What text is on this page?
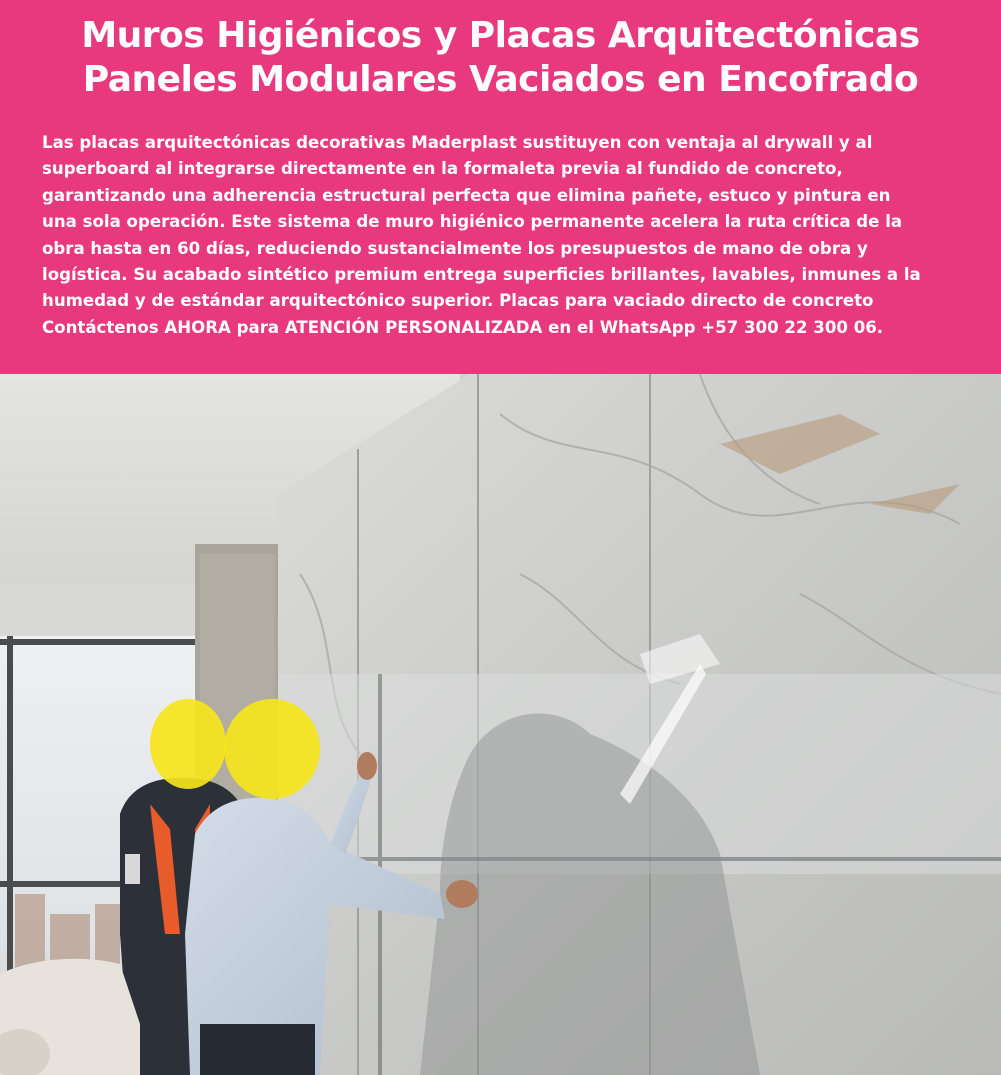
Muros Higiénicos y Placas Arquitectónicas
Paneles Modulares Vaciados en Encofrado

Las placas arquitectónicas decorativas Maderplast sustituyen con ventaja al drywall y al
superboard al integrarse directamente en la formaleta previa al fundido de concreto,
garantizando una adherencia estructural perfecta que elimina pañete, estuco y pintura en
una sola operación. Este sistema de muro higiénico permanente acelera la ruta crítica de la
obra hasta en 60 días, reduciendo sustancialmente los presupuestos de mano de obra y
logística. Su acabado sintético premium entrega superficies brillantes, lavables, inmunes a la
humedad y de estándar arquitectónico superior. Placas para vaciado directo de concreto
Contáctenos AHORA para ATENCIÓN PERSONALIZADA en el WhatsApp +57 300 22 300 06.
